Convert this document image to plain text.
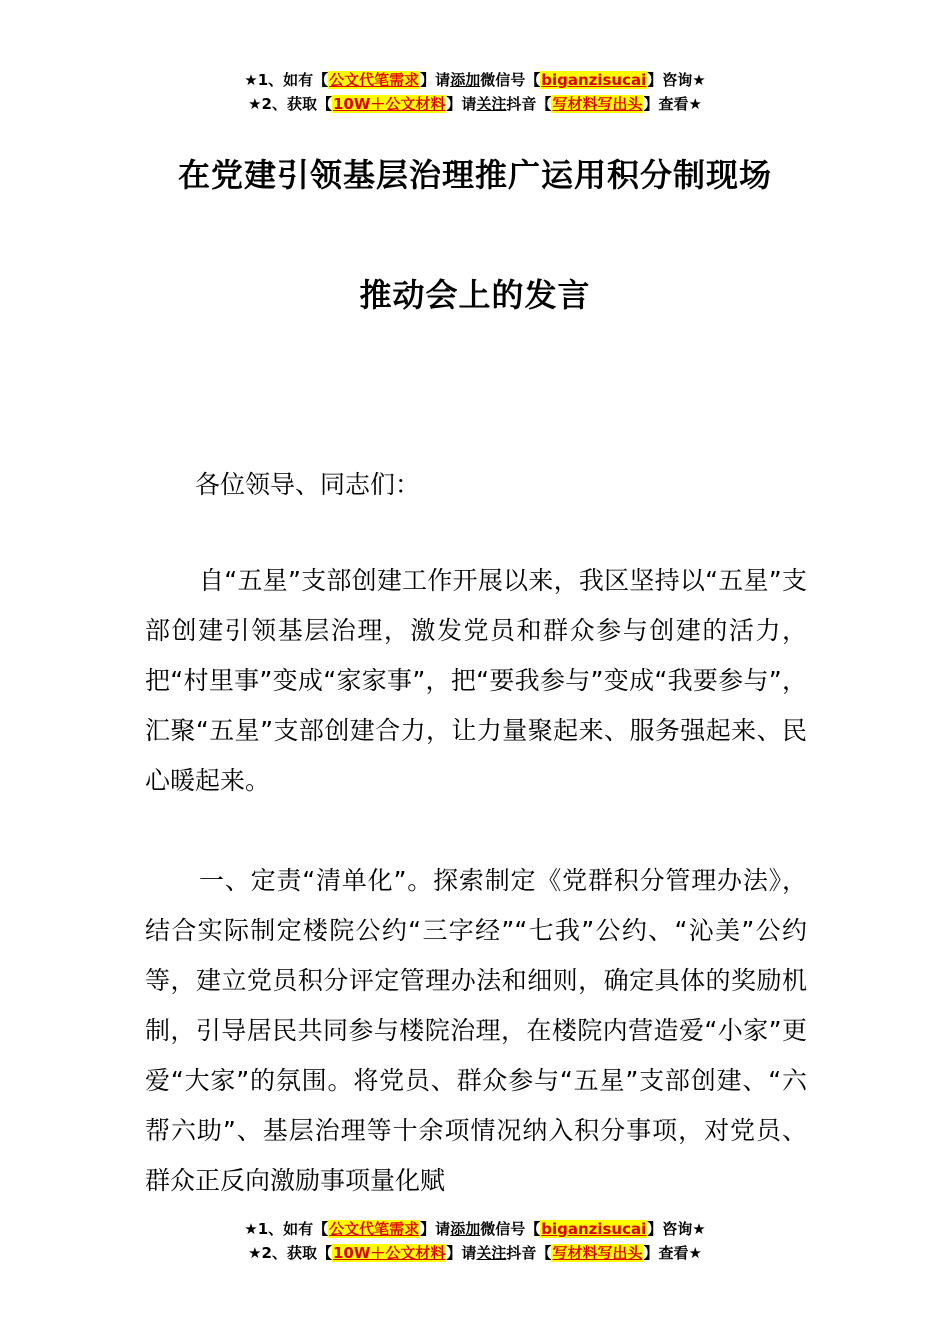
★1、如有【公文代笔需求】请添加微信号【biganzisucai】咨询★
★2、获取【10W＋公文材料】请关注抖音【写材料写出头】查看★
在党建引领基层治理推广运用积分制现场
推动会上的发言
各位领导、同志们：
自“五星”支部创建工作开展以来，我区坚持以“五星”支部创建引领基层治理，激发党员和群众参与创建的活力，把“村里事”变成“家家事”，把“要我参与”变成“我要参与”，汇聚“五星”支部创建合力，让力量聚起来、服务强起来、民心暖起来。
一、定责“清单化”。探索制定《党群积分管理办法》，结合实际制定楼院公约“三字经”“七我”公约、“沁美”公约等，建立党员积分评定管理办法和细则，确定具体的奖励机制，引导居民共同参与楼院治理，在楼院内营造爱“小家”更爱“大家”的氛围。将党员、群众参与“五星”支部创建、“六帮六助”、基层治理等十余项情况纳入积分事项，对党员、群众正反向激励事项量化赋
★1、如有【公文代笔需求】请添加微信号【biganzisucai】咨询★
★2、获取【10W＋公文材料】请关注抖音【写材料写出头】查看★
